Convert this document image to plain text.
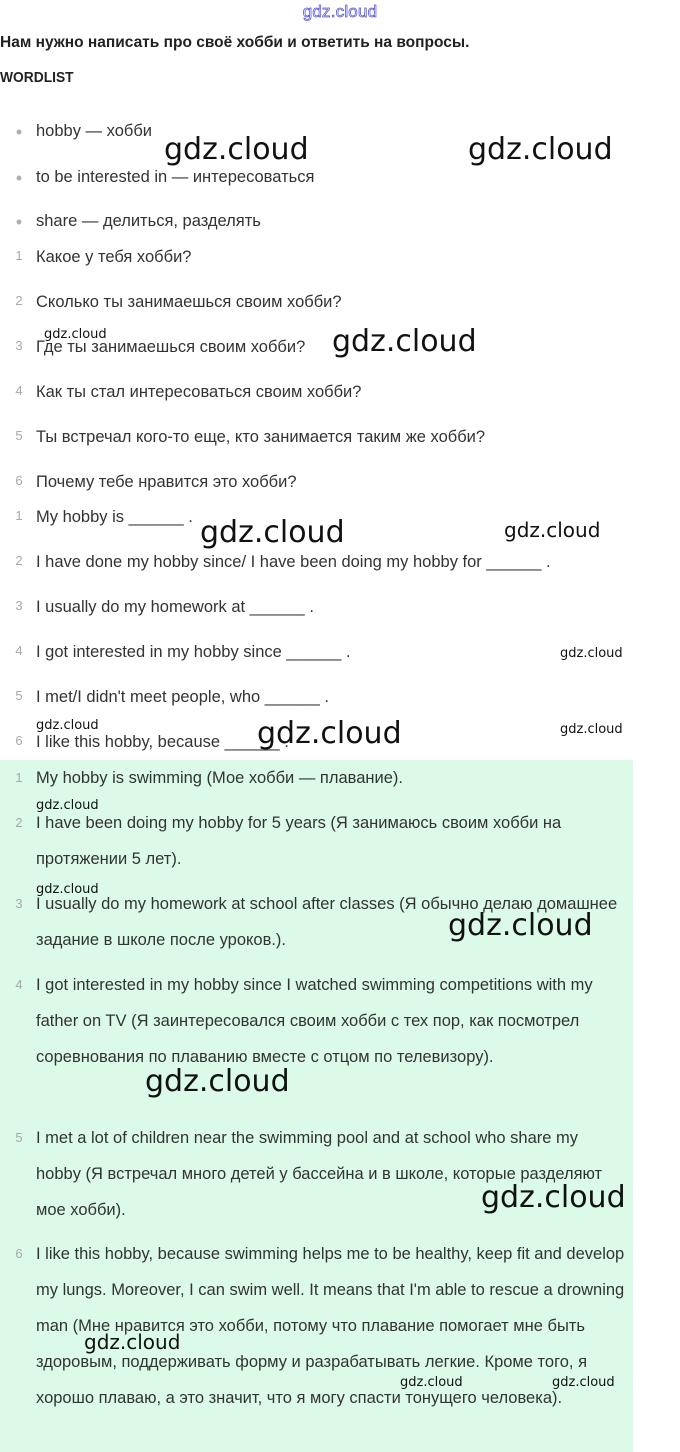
gdz.cloud
Нам нужно написать про своё хобби и ответить на вопросы.
WORDLIST
• hobby — хобби
• to be interested in — интересоваться
• share — делиться, разделять
1 Какое у тебя хобби?
2 Сколько ты занимаешься своим хобби?
3 Где ты занимаешься своим хобби?
4 Как ты стал интересоваться своим хобби?
5 Ты встречал кого-то еще, кто занимается таким же хобби?
6 Почему тебе нравится это хобби?
1 My hobby is ______ .
2 I have done my hobby since/ I have been doing my hobby for ______ .
3 I usually do my homework at ______ .
4 I got interested in my hobby since ______ .
5 I met/I didn't meet people, who ______ .
6 I like this hobby, because ______ .
1 My hobby is swimming (Мое хобби — плавание).
2 I have been doing my hobby for 5 years (Я занимаюсь своим хобби на протяжении 5 лет).
3 I usually do my homework at school after classes (Я обычно делаю домашнее задание в школе после уроков.).
4 I got interested in my hobby since I watched swimming competitions with my father on TV (Я заинтересовался своим хобби с тех пор, как посмотрел соревнования по плаванию вместе с отцом по телевизору).
5 I met a lot of children near the swimming pool and at school who share my hobby (Я встречал много детей у бассейна и в школе, которые разделяют мое хобби).
6 I like this hobby, because swimming helps me to be healthy, keep fit and develop my lungs. Moreover, I can swim well. It means that I'm able to rescue a drowning man (Мне нравится это хобби, потому что плавание помогает мне быть здоровым, поддерживать форму и разрабатывать легкие. Кроме того, я хорошо плаваю, а это значит, что я могу спасти тонущего человека).
gdz.cloud	gdz.cloud
gdz.cloud	gdz.cloud
gdz.cloud	gdz.cloud
gdz.cloud
gdz.cloud	gdz.cloud	gdz.cloud
gdz.cloud
gdz.cloud
gdz.cloud
gdz.cloud
gdz.cloud
gdz.cloud
gdz.cloud	gdz.cloud
